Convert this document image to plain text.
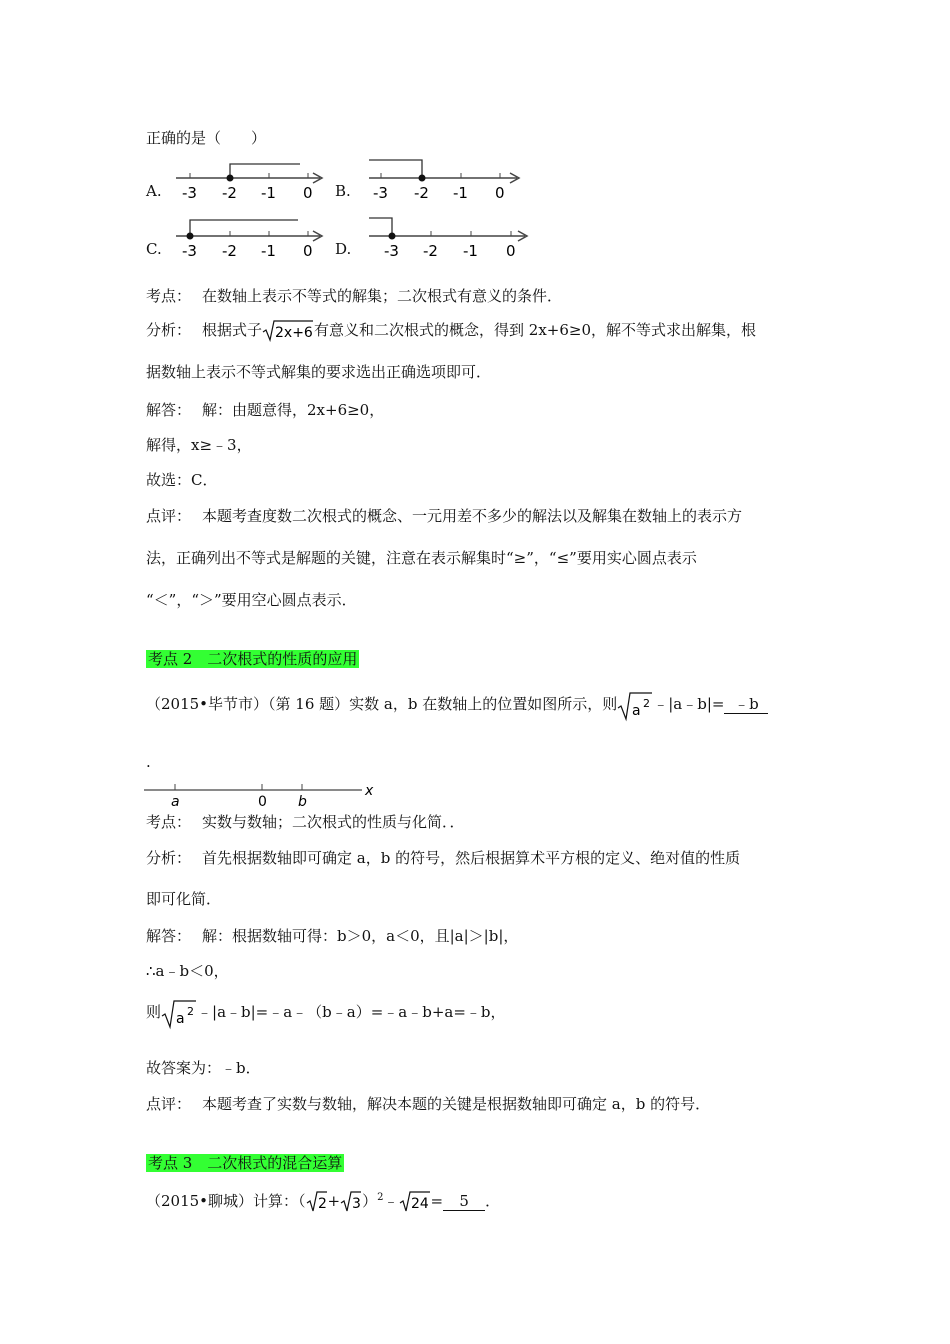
正确的是（　　）
A. -3 -2 -1 0 B. -3 -2 -1 0
C. -3 -2 -1 0 D. -3 -2 -1 0
考点： 在数轴上表示不等式的解集；二次根式有意义的条件．
分析： 根据式子 2x+6 有意义和二次根式的概念，得到 2x+6≥0，解不等式求出解集，根
据数轴上表示不等式解集的要求选出正确选项即可．
解答： 解：由题意得，2x+6≥0，
解得，x≥﹣3，
故选：C．
点评： 本题考查度数二次根式的概念、一元用差不多少的解法以及解集在数轴上的表示方
法，正确列出不等式是解题的关键，注意在表示解集时“≥”，“≤”要用实心圆点表示
“＜”，“＞”要用空心圆点表示．
考点 2　二次根式的性质的应用
（2015•毕节市）（第 16 题）实数 a，b 在数轴上的位置如图所示，则 a 2 ﹣|a﹣b|= ﹣b
.
a	0 b
x
考点： 实数与数轴；二次根式的性质与化简．．
分析： 首先根据数轴即可确定 a，b 的符号，然后根据算术平方根的定义、绝对值的性质
即可化简．
解答： 解：根据数轴可得：b＞0，a＜0，且|a|＞|b|，
∴a﹣b＜0，
则 a 2 ﹣|a﹣b|=﹣a﹣（b﹣a）=﹣a﹣b+a=﹣b，
故答案为：﹣b．
点评： 本题考查了实数与数轴，解决本题的关键是根据数轴即可确定 a，b 的符号．
考点 3　二次根式的混合运算
（2015•聊城）计算：（ 2 + 3 ）$^2$﹣ 24 = 5 ．
